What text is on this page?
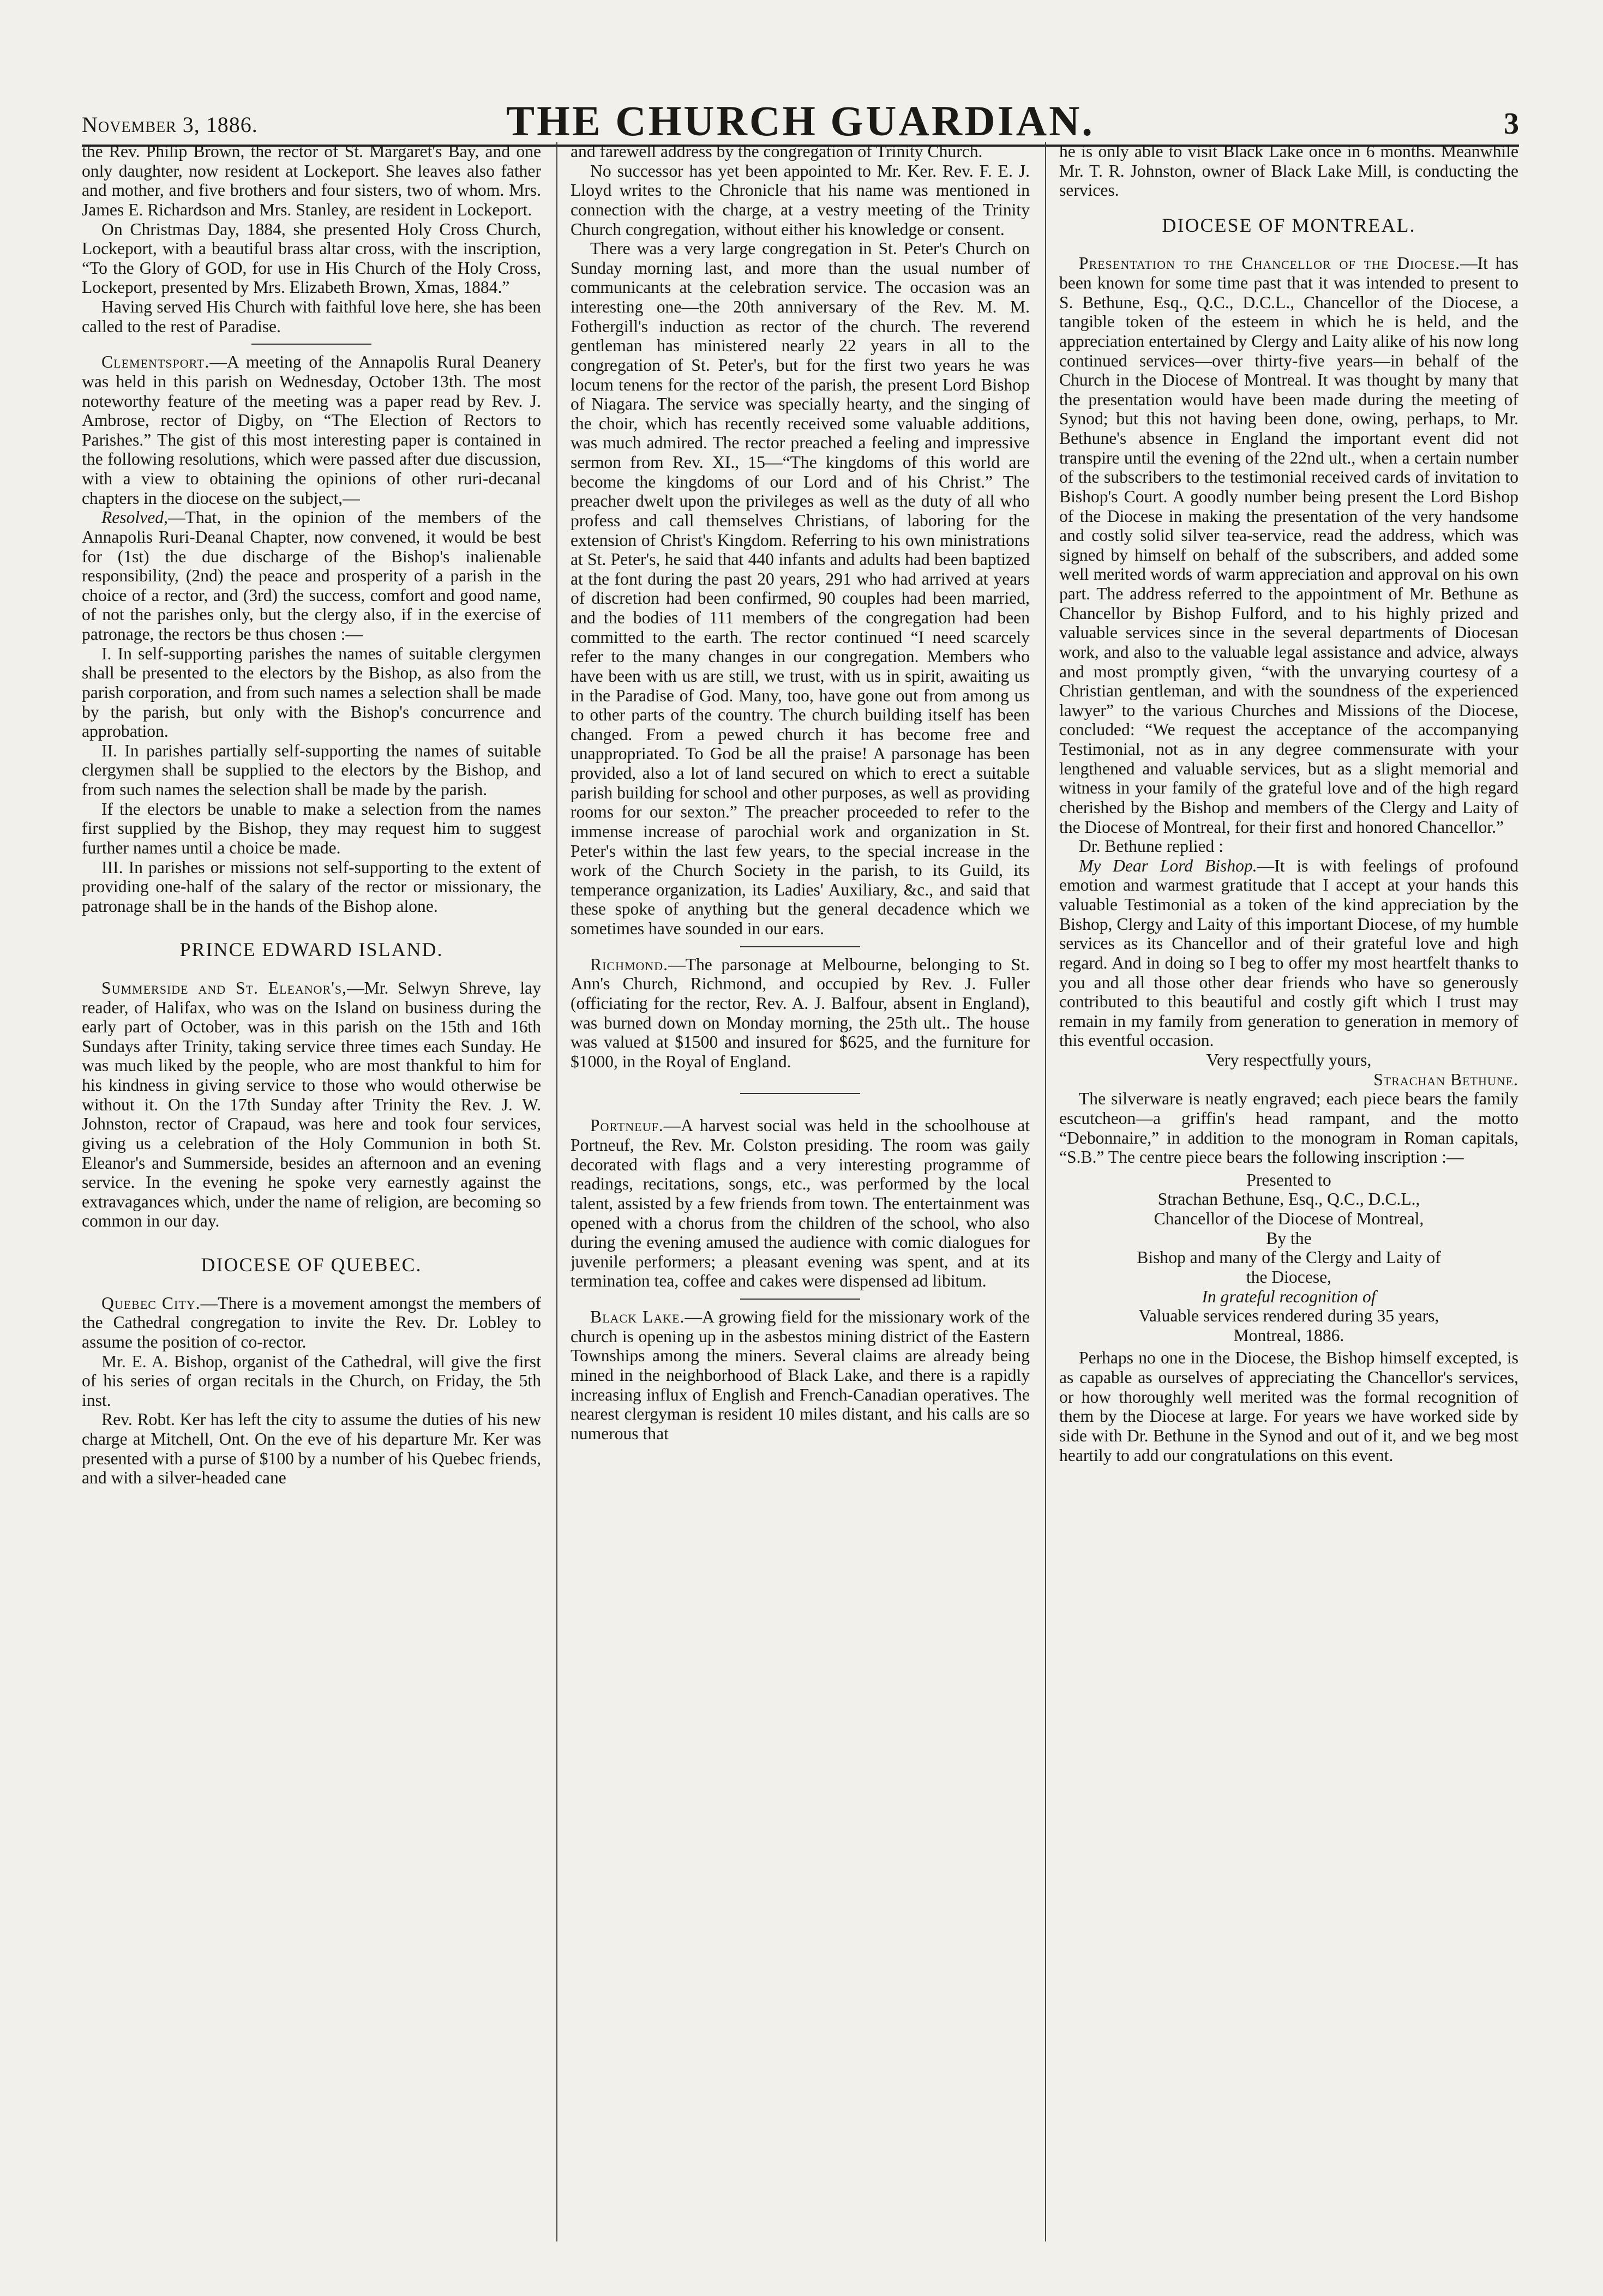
November 3, 1886.	THE CHURCH GUARDIAN.	3

the Rev. Philip Brown, the rector of St. Margaret's Bay, and one only daughter, now resident at Lockeport. She leaves also father and mother, and five brothers and four sisters, two of whom. Mrs. James E. Richardson and Mrs. Stanley, are resident in Lockeport.

On Christmas Day, 1884, she presented Holy Cross Church, Lockeport, with a beautiful brass altar cross, with the inscription, “To the Glory of GOD, for use in His Church of the Holy Cross, Lockeport, presented by Mrs. Elizabeth Brown, Xmas, 1884.”

Having served His Church with faithful love here, she has been called to the rest of Paradise.

Clementsport.—A meeting of the Annapolis Rural Deanery was held in this parish on Wednesday, October 13th. The most noteworthy feature of the meeting was a paper read by Rev. J. Ambrose, rector of Digby, on “The Election of Rectors to Parishes.” The gist of this most interesting paper is contained in the following resolutions, which were passed after due discussion, with a view to obtaining the opinions of other ruri-decanal chapters in the diocese on the subject,—

Resolved,—That, in the opinion of the members of the Annapolis Ruri-Deanal Chapter, now convened, it would be best for (1st) the due discharge of the Bishop's inalienable responsibility, (2nd) the peace and prosperity of a parish in the choice of a rector, and (3rd) the success, comfort and good name, of not the parishes only, but the clergy also, if in the exercise of patronage, the rectors be thus chosen :—

I. In self-supporting parishes the names of suitable clergymen shall be presented to the electors by the Bishop, as also from the parish corporation, and from such names a selection shall be made by the parish, but only with the Bishop's concurrence and approbation.

II. In parishes partially self-supporting the names of suitable clergymen shall be supplied to the electors by the Bishop, and from such names the selection shall be made by the parish.

If the electors be unable to make a selection from the names first supplied by the Bishop, they may request him to suggest further names until a choice be made.

III. In parishes or missions not self-supporting to the extent of providing one-half of the salary of the rector or missionary, the patronage shall be in the hands of the Bishop alone.

PRINCE EDWARD ISLAND.

Summerside and St. Eleanor's,—Mr. Selwyn Shreve, lay reader, of Halifax, who was on the Island on business during the early part of October, was in this parish on the 15th and 16th Sundays after Trinity, taking service three times each Sunday. He was much liked by the people, who are most thankful to him for his kindness in giving service to those who would otherwise be without it. On the 17th Sunday after Trinity the Rev. J. W. Johnston, rector of Crapaud, was here and took four services, giving us a celebration of the Holy Communion in both St. Eleanor's and Summerside, besides an afternoon and an evening service. In the evening he spoke very earnestly against the extravagances which, under the name of religion, are becoming so common in our day.

DIOCESE OF QUEBEC.

Quebec City.—There is a movement amongst the members of the Cathedral congregation to invite the Rev. Dr. Lobley to assume the position of co-rector.

Mr. E. A. Bishop, organist of the Cathedral, will give the first of his series of organ recitals in the Church, on Friday, the 5th inst.

Rev. Robt. Ker has left the city to assume the duties of his new charge at Mitchell, Ont. On the eve of his departure Mr. Ker was presented with a purse of $100 by a number of his Quebec friends, and with a silver-headed cane

and farewell address by the congregation of Trinity Church.

No successor has yet been appointed to Mr. Ker. Rev. F. E. J. Lloyd writes to the Chronicle that his name was mentioned in connection with the charge, at a vestry meeting of the Trinity Church congregation, without either his knowledge or consent.

There was a very large congregation in St. Peter's Church on Sunday morning last, and more than the usual number of communicants at the celebration service. The occasion was an interesting one—the 20th anniversary of the Rev. M. M. Fothergill's induction as rector of the church. The reverend gentleman has ministered nearly 22 years in all to the congregation of St. Peter's, but for the first two years he was locum tenens for the rector of the parish, the present Lord Bishop of Niagara. The service was specially hearty, and the singing of the choir, which has recently received some valuable additions, was much admired. The rector preached a feeling and impressive sermon from Rev. XI., 15—“The kingdoms of this world are become the kingdoms of our Lord and of his Christ.” The preacher dwelt upon the privileges as well as the duty of all who profess and call themselves Christians, of laboring for the extension of Christ's Kingdom. Referring to his own ministrations at St. Peter's, he said that 440 infants and adults had been baptized at the font during the past 20 years, 291 who had arrived at years of discretion had been confirmed, 90 couples had been married, and the bodies of 111 members of the congregation had been committed to the earth. The rector continued “I need scarcely refer to the many changes in our congregation. Members who have been with us are still, we trust, with us in spirit, awaiting us in the Paradise of God. Many, too, have gone out from among us to other parts of the country. The church building itself has been changed. From a pewed church it has become free and unappropriated. To God be all the praise! A parsonage has been provided, also a lot of land secured on which to erect a suitable parish building for school and other purposes, as well as providing rooms for our sexton.” The preacher proceeded to refer to the immense increase of parochial work and organization in St. Peter's within the last few years, to the special increase in the work of the Church Society in the parish, to its Guild, its temperance organization, its Ladies' Auxiliary, &c., and said that these spoke of anything but the general decadence which we sometimes have sounded in our ears.

Richmond.—The parsonage at Melbourne, belonging to St. Ann's Church, Richmond, and occupied by Rev. J. Fuller (officiating for the rector, Rev. A. J. Balfour, absent in England), was burned down on Monday morning, the 25th ult.. The house was valued at $1500 and insured for $625, and the furniture for $1000, in the Royal of England.

Portneuf.—A harvest social was held in the schoolhouse at Portneuf, the Rev. Mr. Colston presiding. The room was gaily decorated with flags and a very interesting programme of readings, recitations, songs, etc., was performed by the local talent, assisted by a few friends from town. The entertainment was opened with a chorus from the children of the school, who also during the evening amused the audience with comic dialogues for juvenile performers; a pleasant evening was spent, and at its termination tea, coffee and cakes were dispensed ad libitum.

Black Lake.—A growing field for the missionary work of the church is opening up in the asbestos mining district of the Eastern Townships among the miners. Several claims are already being mined in the neighborhood of Black Lake, and there is a rapidly increasing influx of English and French-Canadian operatives. The nearest clergyman is resident 10 miles distant, and his calls are so numerous that

he is only able to visit Black Lake once in 6 months. Meanwhile Mr. T. R. Johnston, owner of Black Lake Mill, is conducting the services.

DIOCESE OF MONTREAL.

Presentation to the Chancellor of the Diocese.—It has been known for some time past that it was intended to present to S. Bethune, Esq., Q.C., D.C.L., Chancellor of the Diocese, a tangible token of the esteem in which he is held, and the appreciation entertained by Clergy and Laity alike of his now long continued services—over thirty-five years—in behalf of the Church in the Diocese of Montreal. It was thought by many that the presentation would have been made during the meeting of Synod; but this not having been done, owing, perhaps, to Mr. Bethune's absence in England the important event did not transpire until the evening of the 22nd ult., when a certain number of the subscribers to the testimonial received cards of invitation to Bishop's Court. A goodly number being present the Lord Bishop of the Diocese in making the presentation of the very handsome and costly solid silver tea-service, read the address, which was signed by himself on behalf of the subscribers, and added some well merited words of warm appreciation and approval on his own part. The address referred to the appointment of Mr. Bethune as Chancellor by Bishop Fulford, and to his highly prized and valuable services since in the several departments of Diocesan work, and also to the valuable legal assistance and advice, always and most promptly given, “with the unvarying courtesy of a Christian gentleman, and with the soundness of the experienced lawyer” to the various Churches and Missions of the Diocese, concluded: “We request the acceptance of the accompanying Testimonial, not as in any degree commensurate with your lengthened and valuable services, but as a slight memorial and witness in your family of the grateful love and of the high regard cherished by the Bishop and members of the Clergy and Laity of the Diocese of Montreal, for their first and honored Chancellor.”

Dr. Bethune replied :

My Dear Lord Bishop.—It is with feelings of profound emotion and warmest gratitude that I accept at your hands this valuable Testimonial as a token of the kind appreciation by the Bishop, Clergy and Laity of this important Diocese, of my humble services as its Chancellor and of their grateful love and high regard. And in doing so I beg to offer my most heartfelt thanks to you and all those other dear friends who have so generously contributed to this beautiful and costly gift which I trust may remain in my family from generation to generation in memory of this eventful occasion.

Very respectfully yours,

Strachan Bethune.

The silverware is neatly engraved; each piece bears the family escutcheon—a griffin's head rampant, and the motto “Debonnaire,” in addition to the monogram in Roman capitals, “S.B.” The centre piece bears the following inscription :—

Presented to

Strachan Bethune, Esq., Q.C., D.C.L.,

Chancellor of the Diocese of Montreal,

By the

Bishop and many of the Clergy and Laity of

the Diocese,

In grateful recognition of

Valuable services rendered during 35 years,

Montreal, 1886.

Perhaps no one in the Diocese, the Bishop himself excepted, is as capable as ourselves of appreciating the Chancellor's services, or how thoroughly well merited was the formal recognition of them by the Diocese at large. For years we have worked side by side with Dr. Bethune in the Synod and out of it, and we beg most heartily to add our congratulations on this event.
